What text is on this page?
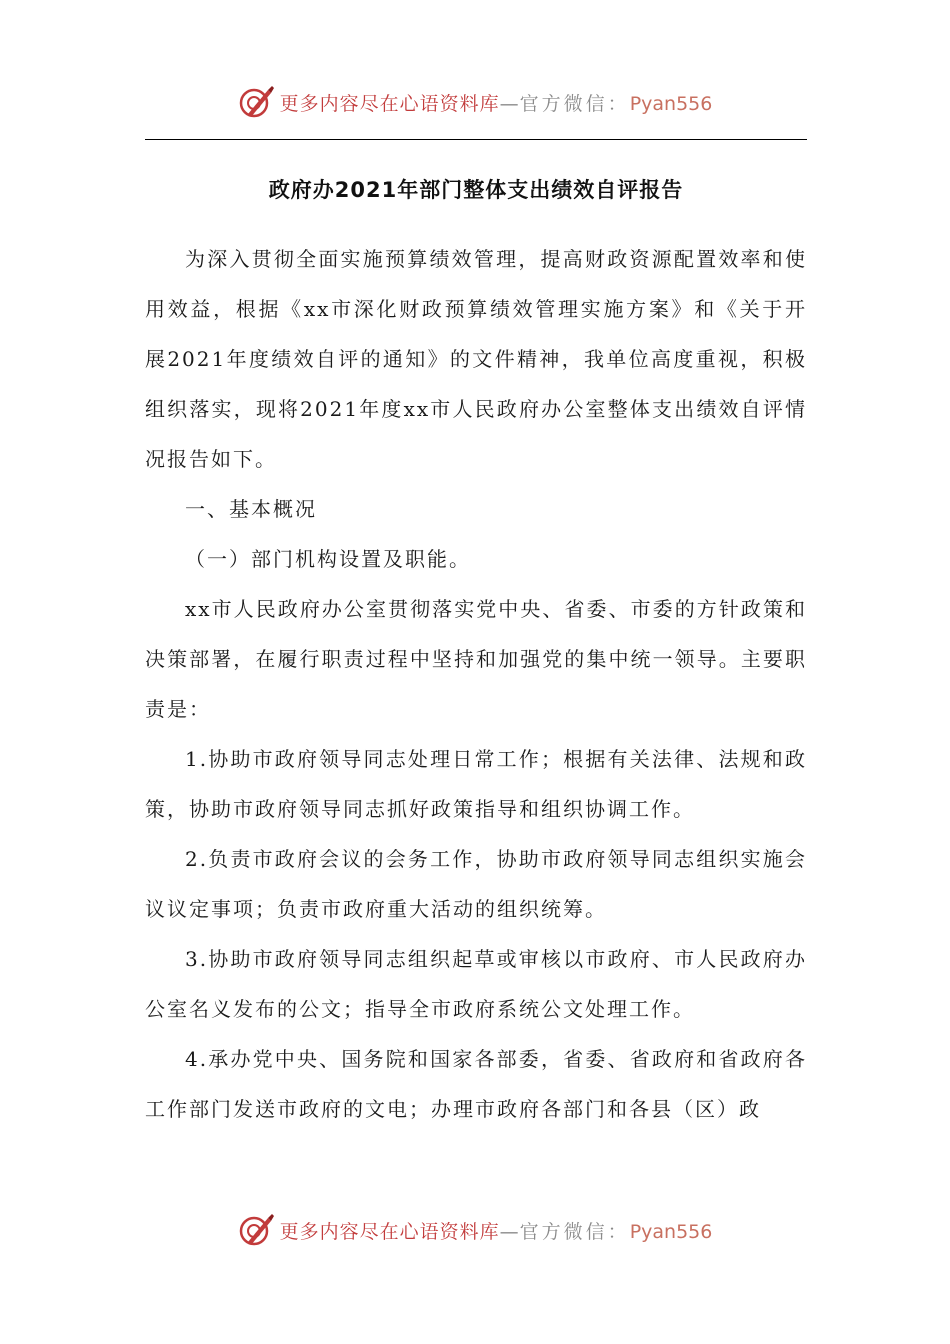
更多内容尽在心语资料库—官方微信：Pyan556
政府办2021年部门整体支出绩效自评报告

为深入贯彻全面实施预算绩效管理，提高财政资源配置效率和使用效益，根据《xx市深化财政预算绩效管理实施方案》和《关于开展2021年度绩效自评的通知》的文件精神，我单位高度重视，积极组织落实，现将2021年度xx市人民政府办公室整体支出绩效自评情况报告如下。

一、基本概况

（一）部门机构设置及职能。

xx市人民政府办公室贯彻落实党中央、省委、市委的方针政策和决策部署，在履行职责过程中坚持和加强党的集中统一领导。主要职责是：

1.协助市政府领导同志处理日常工作；根据有关法律、法规和政策，协助市政府领导同志抓好政策指导和组织协调工作。

2.负责市政府会议的会务工作，协助市政府领导同志组织实施会议议定事项；负责市政府重大活动的组织统筹。

3.协助市政府领导同志组织起草或审核以市政府、市人民政府办公室名义发布的公文；指导全市政府系统公文处理工作。

4.承办党中央、国务院和国家各部委，省委、省政府和省政府各工作部门发送市政府的文电；办理市政府各部门和各县（区）政

更多内容尽在心语资料库—官方微信：Pyan556
